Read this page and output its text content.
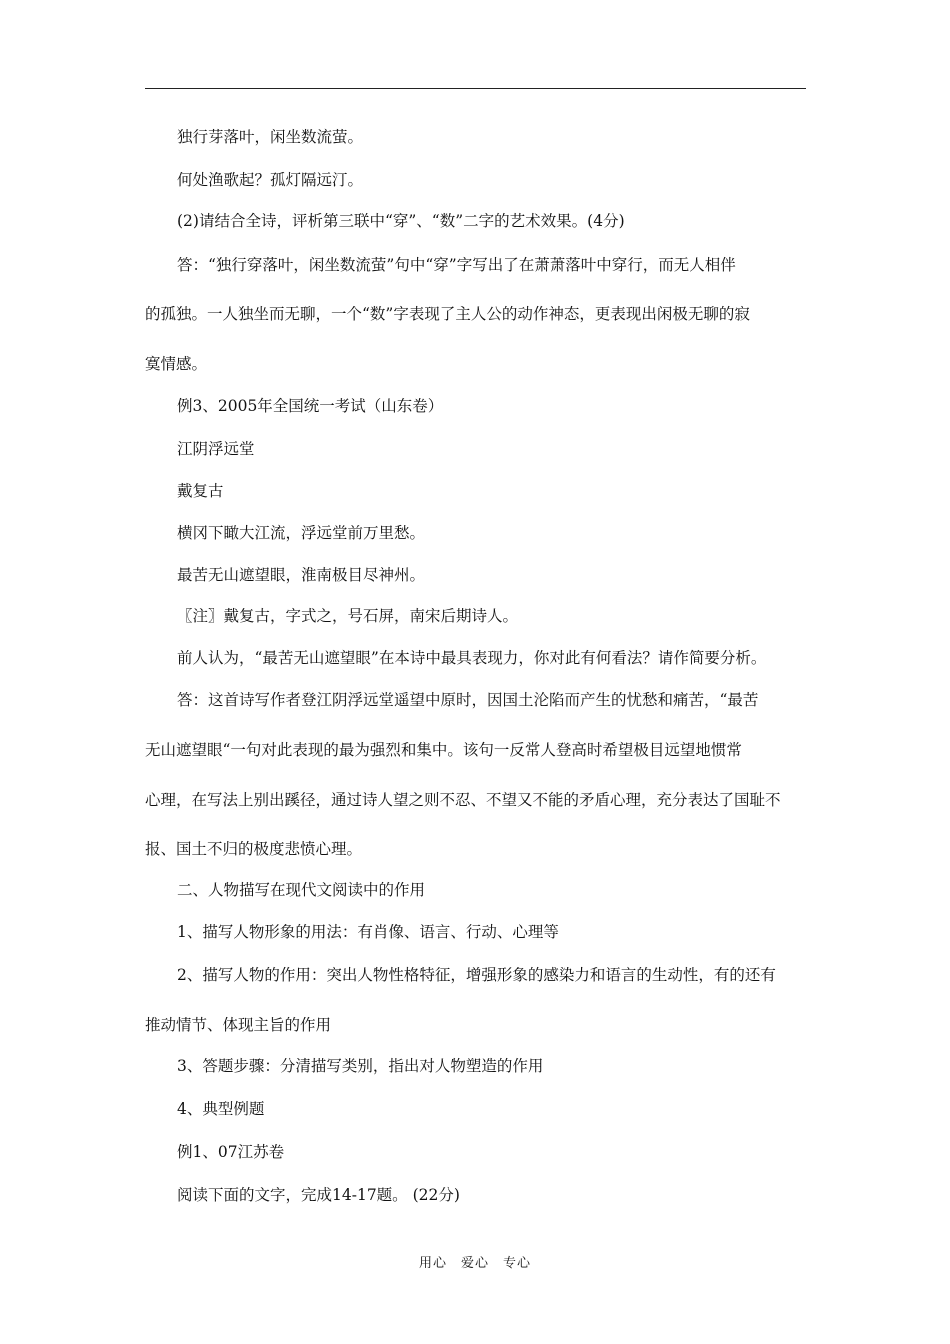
独行芽落叶，闲坐数流萤。
何处渔歌起？孤灯隔远汀。
(2)请结合全诗，评析第三联中“穿”、“数”二字的艺术效果。(4分)
答：“独行穿落叶，闲坐数流萤”句中“穿”字写出了在萧萧落叶中穿行，而无人相伴
的孤独。一人独坐而无聊，一个“数”字表现了主人公的动作神态，更表现出闲极无聊的寂
寞情感。
例3、2005年全国统一考试（山东卷）
江阴浮远堂
戴复古
横冈下瞰大江流，浮远堂前万里愁。
最苦无山遮望眼，淮南极目尽神州。
〖注〗戴复古，字式之，号石屏，南宋后期诗人。
前人认为，“最苦无山遮望眼”在本诗中最具表现力，你对此有何看法？请作简要分析。
答：这首诗写作者登江阴浮远堂遥望中原时，因国土沦陷而产生的忧愁和痛苦，“最苦
无山遮望眼“一句对此表现的最为强烈和集中。该句一反常人登高时希望极目远望地惯常
心理，在写法上别出蹊径，通过诗人望之则不忍、不望又不能的矛盾心理，充分表达了国耻不
报、国土不归的极度悲愤心理。
二、人物描写在现代文阅读中的作用
1、描写人物形象的用法：有肖像、语言、行动、心理等
2、描写人物的作用：突出人物性格特征，增强形象的感染力和语言的生动性，有的还有
推动情节、体现主旨的作用
3、答题步骤：分清描写类别，指出对人物塑造的作用
4、典型例题
例1、07江苏卷
阅读下面的文字，完成14-17题。 (22分)
用心　爱心　专心
